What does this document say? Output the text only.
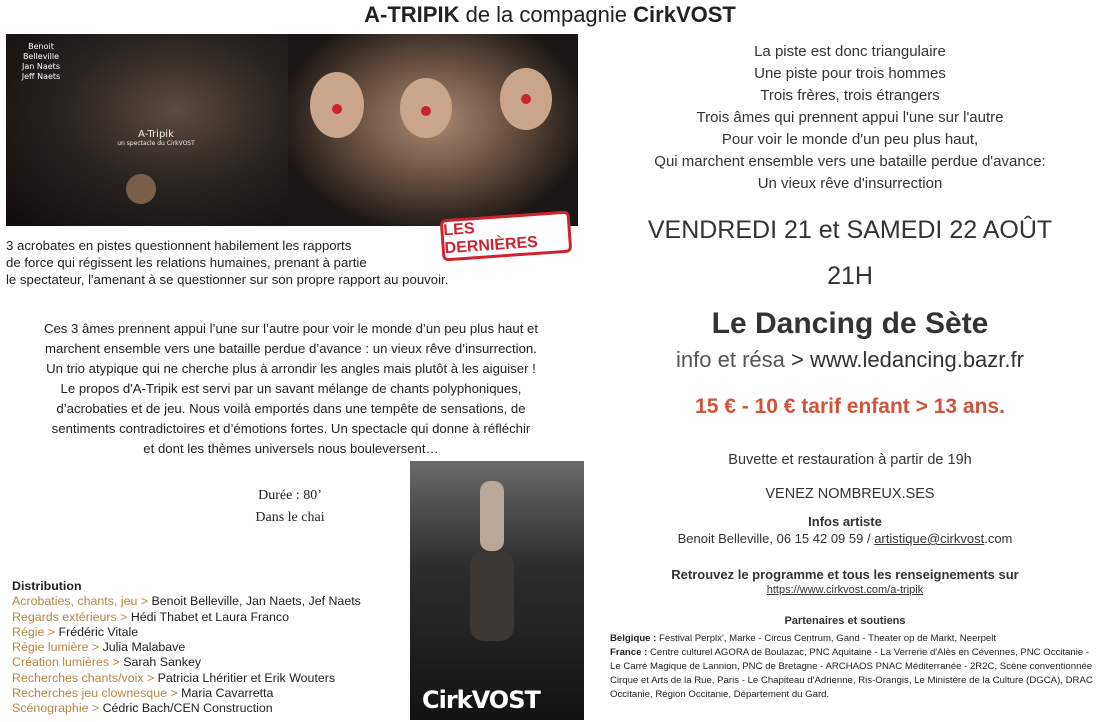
A-TRIPIK de la compagnie CirkVOST
Benoit Belleville
Jan Naets
Jeff Naets
A-Tripik
un spectacle du CirkVOST
LES DERNIÈRES
3 acrobates en pistes questionnent habilement les rapports
de force qui régissent les relations humaines, prenant à partie
le spectateur, l'amenant à se questionner sur son propre rapport au pouvoir.
Ces 3 âmes prennent appui l’une sur l’autre pour voir le monde d’un peu plus haut et
marchent ensemble vers une bataille perdue d’avance : un vieux rêve d’insurrection.
Un trio atypique qui ne cherche plus à arrondir les angles mais plutôt à les aiguiser !
Le propos d'A-Tripik est servi par un savant mélange de chants polyphoniques,
d’acrobaties et de jeu. Nous voilà emportés dans une tempête de sensations, de
sentiments contradictoires et d’émotions fortes. Un spectacle qui donne à réfléchir
et dont les thèmes universels nous bouleversent…
Durée : 80’
Dans le chai
CirkVOST
Distribution
Acrobaties, chants, jeu > Benoit Belleville, Jan Naets, Jef Naets
Regards extérieurs > Hédi Thabet et Laura Franco
Régie > Frédéric Vitale
Régie lumière > Julia Malabave
Création lumières > Sarah Sankey
Recherches chants/voix > Patricia Lhéritier et Erik Wouters
Recherches jeu clownesque > Maria Cavarretta
Scénographie > Cédric Bach/CEN Construction
La piste est donc triangulaire
Une piste pour trois hommes
Trois frères, trois étrangers
Trois âmes qui prennent appui l'une sur l'autre
Pour voir le monde d'un peu plus haut,
Qui marchent ensemble vers une bataille perdue d'avance:
Un vieux rêve d'insurrection
VENDREDI 21 et SAMEDI 22 AOÛT
21H
Le Dancing de Sète
info et résa > www.ledancing.bazr.fr
15 € - 10 € tarif enfant > 13 ans.
Buvette et restauration à partir de 19h
VENEZ NOMBREUX.SES
Infos artiste
Benoit Belleville, 06 15 42 09 59 / artistique@cirkvost.com
Retrouvez le programme et tous les renseignements sur
https://www.cirkvost.com/a-tripik
Partenaires et soutiens
Belgique : Festival Perplx', Marke - Circus Centrum, Gand - Theater op de Markt, Neerpelt
France : Centre culturel AGORA de Boulazac, PNC Aquitaine - La Verrerie d'Alès en Cévennes, PNC Occitanie - Le Carré Magique de Lannion, PNC de Bretagne - ARCHAOS PNAC Méditerranée - 2R2C, Scène conventionnée Cirque et Arts de la Rue, Paris - Le Chapiteau d'Adrienne, Ris-Orangis, Le Ministère de la Culture (DGCA), DRAC Occitanie, Région Occitanie, Département du Gard.
